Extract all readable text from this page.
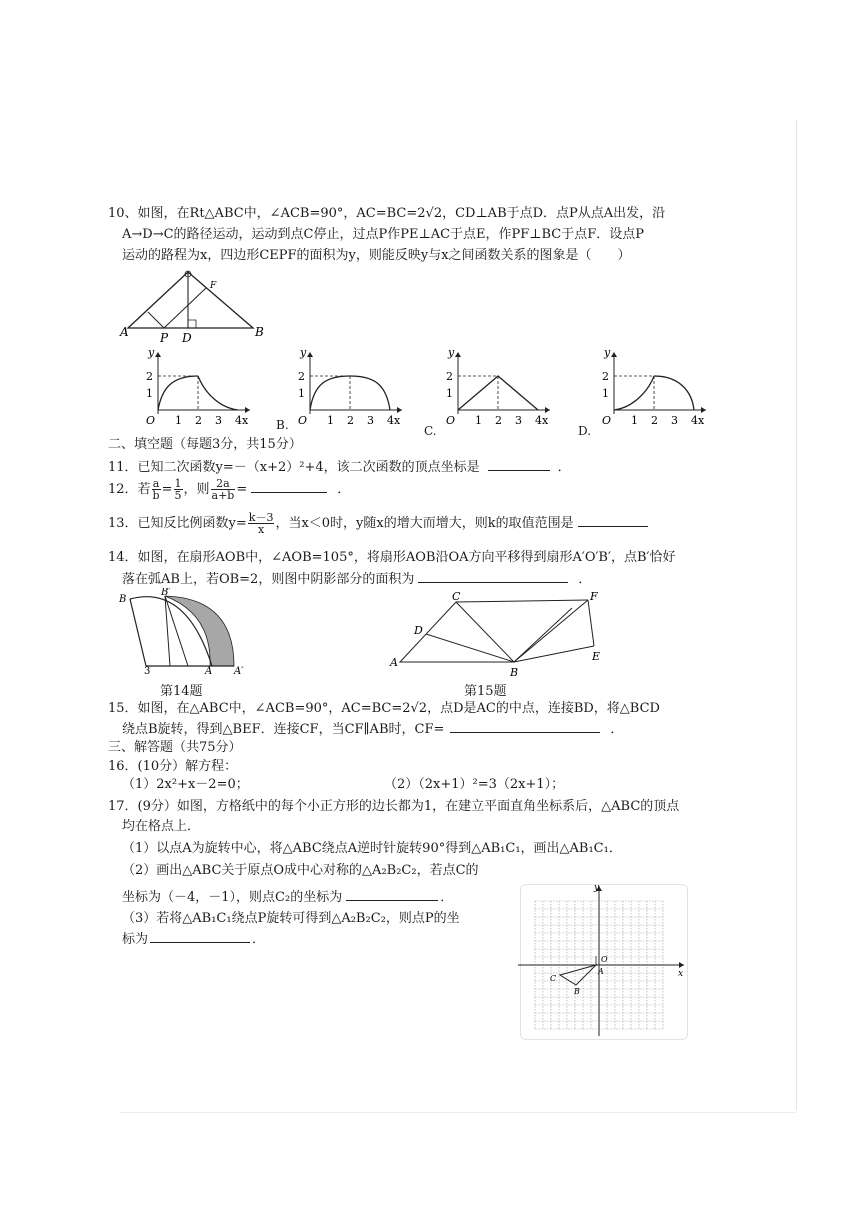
10、如图，在Rt△ABC中，∠ACB=90°，AC=BC=2√2，CD⊥AB于点D．点P从点A出发，沿
A→D→C的路径运动，运动到点C停止，过点P作PE⊥AC于点E，作PF⊥BC于点F．设点P
运动的路程为x，四边形CEPF的面积为y，则能反映y与x之间函数关系的图象是（　　）
A	P D	B
F
y
O 1 2 3 4x
1
2
y
O 1 2 3 4x
1
2
y
O 1 2 3 4x
1
2
y
O 1 2 3 4x
1
2
B.	C.	D.
二、填空题（每题3分，共15分）
11．已知二次函数y=－（x+2）²+4，该二次函数的顶点坐标是	．
12．若 $\frac{a}{b} = \frac{1}{5}$ ，则 $\frac{2a}{a+b}$ =	．
13．已知反比例函数$y= \frac{k-3}{x}$ ，当x＜0时，y随x的增大而增大，则k的取值范围是
14．如图，在扇形AOB中，∠AOB=105°，将扇形AOB沿OA方向平移得到扇形A′O′B′，点B′恰好
落在弧AB上，若OB=2，则图中阴影部分的面积为	．
B
B′
3	A A′
第14题
C	F
D
A
B
E
第15题
15．如图，在△ABC中，∠ACB=90°，AC=BC=2√2，点D是AC的中点，连接BD，将△BCD
绕点B旋转，得到△BEF．连接CF，当CF∥AB时，CF=	．
三、解答题（共75分）
16．(10分）解方程：
（1）2x²+x－2=0；	（2）（2x+1）²=3（2x+1）；
17．(9分）如图，方格纸中的每个小正方形的边长都为1，在建立平面直角坐标系后，△ABC的顶点
均在格点上．
（1）以点A为旋转中心，将△ABC绕点A逆时针旋转90°得到△AB₁C₁，画出△AB₁C₁．
（2）画出△ABC关于原点O成中心对称的△A₂B₂C₂，若点C的
坐标为（－4，－1），则点C₂的坐标为	．
（3）若将△AB₁C₁绕点P旋转可得到△A₂B₂C₂，则点P的坐
标为	．
y
x
O
A
B
C
